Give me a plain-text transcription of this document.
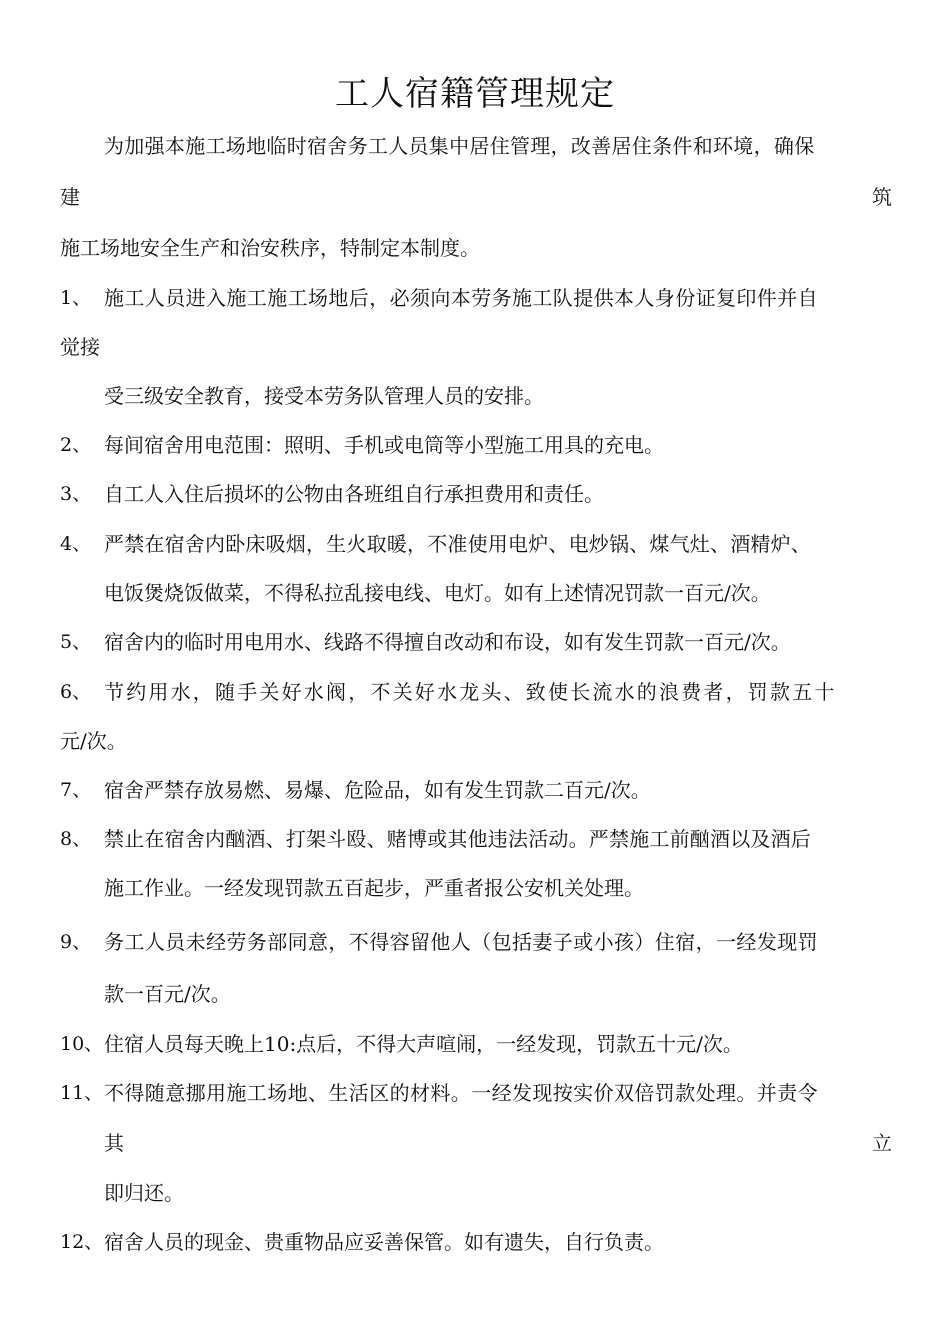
工人宿籍管理规定
为加强本施工场地临时宿舍务工人员集中居住管理，改善居住条件和环境，确保
建	筑
施工场地安全生产和治安秩序，特制定本制度。
1、 施工人员进入施工施工场地后，必须向本劳务施工队提供本人身份证复印件并自
觉接
受三级安全教育，接受本劳务队管理人员的安排。
2、 每间宿舍用电范围：照明、手机或电筒等小型施工用具的充电。
3、 自工人入住后损坏的公物由各班组自行承担费用和责任。
4、 严禁在宿舍内卧床吸烟，生火取暖，不准使用电炉、电炒锅、煤气灶、酒精炉、
电饭煲烧饭做菜，不得私拉乱接电线、电灯。如有上述情况罚款一百元/次。
5、 宿舍内的临时用电用水、线路不得擅自改动和布设，如有发生罚款一百元/次。
6、 节约用水，随手关好水阀，不关好水龙头、致使长流水的浪费者，罚款五十
元/次。
7、 宿舍严禁存放易燃、易爆、危险品，如有发生罚款二百元/次。
8、 禁止在宿舍内酗酒、打架斗殴、赌博或其他违法活动。严禁施工前酗酒以及酒后
施工作业。一经发现罚款五百起步，严重者报公安机关处理。
9、 务工人员未经劳务部同意，不得容留他人（包括妻子或小孩）住宿，一经发现罚
款一百元/次。
10、 住宿人员每天晚上10:点后，不得大声喧闹，一经发现，罚款五十元/次。
11、 不得随意挪用施工场地、生活区的材料。一经发现按实价双倍罚款处理。并责令
其	立
即归还。
12、 宿舍人员的现金、贵重物品应妥善保管。如有遗失，自行负责。
